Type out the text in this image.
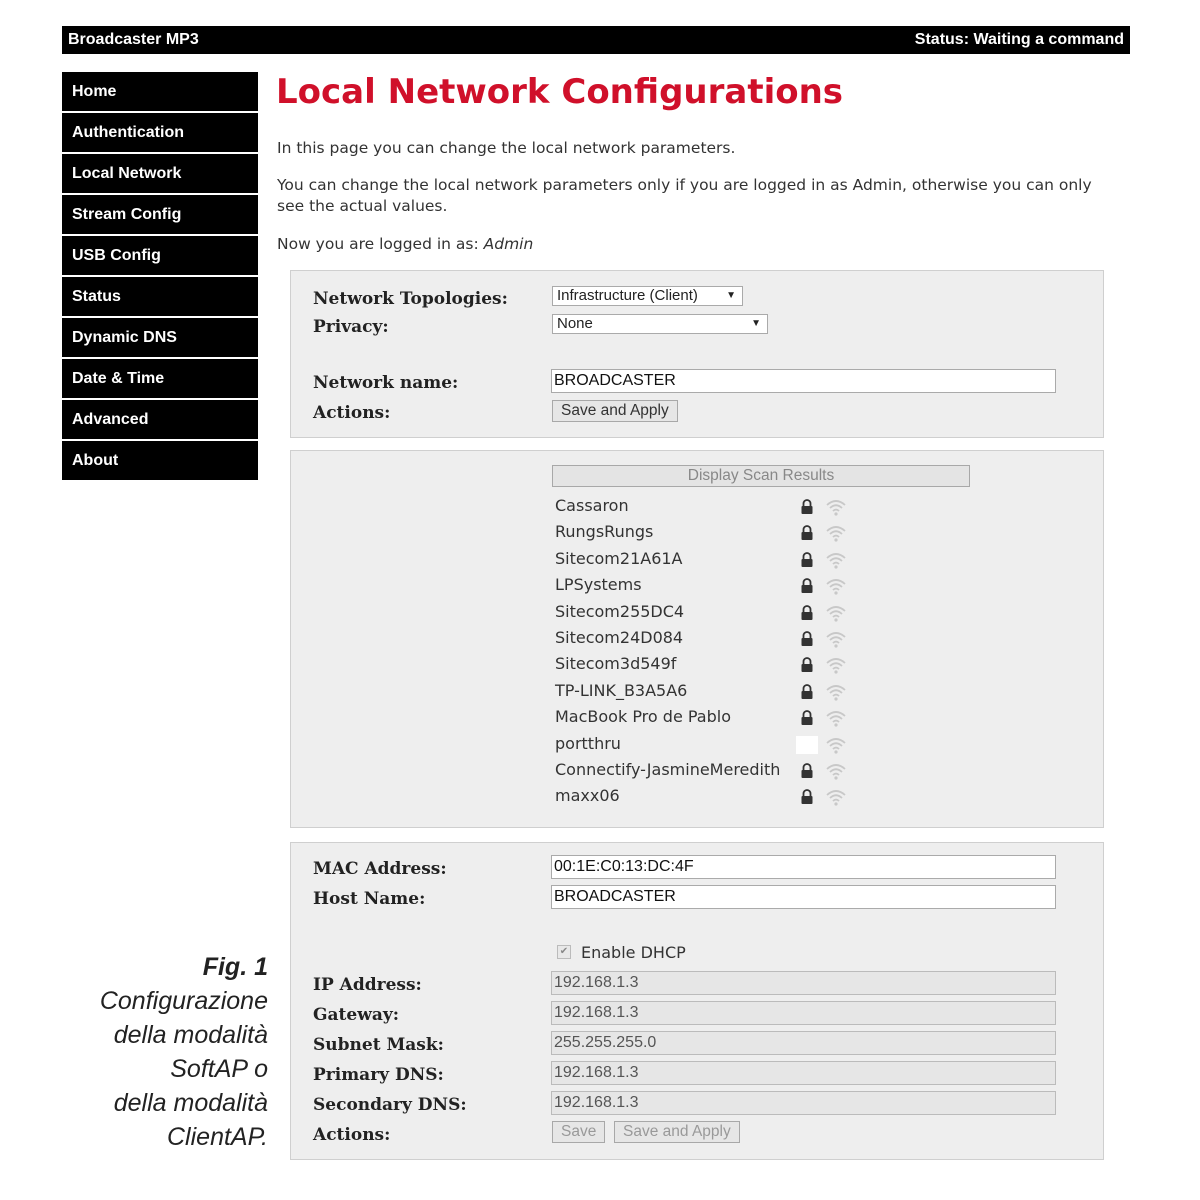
Broadcaster MP3	Status: Waiting a command
Home
Authentication
Local Network
Stream Config
USB Config
Status
Dynamic DNS
Date & Time
Advanced
About
Local Network Configurations

In this page you can change the local network parameters.

You can change the local network parameters only if you are logged in as Admin, otherwise you can only see the actual values.

Now you are logged in as: Admin

Network Topologies:	Infrastructure (Client)	▼
Privacy:	None	▼
Network name:
BROADCASTER
Actions:	Save and Apply
Display Scan Results
Cassaron
RungsRungs
Sitecom21A61A
LPSystems
Sitecom255DC4
Sitecom24D084
Sitecom3d549f
TP-LINK_B3A5A6
MacBook Pro de Pablo
portthru
Connectify-JasmineMeredith
maxx06
MAC Address:
00:1E:C0:13:DC:4F
Host Name:
BROADCASTER
✔ Enable DHCP
IP Address:
192.168.1.3
Gateway:
192.168.1.3
Subnet Mask:
255.255.255.0
Primary DNS:
192.168.1.3
Secondary DNS:
192.168.1.3
Actions:	Save	Save and Apply
Fig. 1
Configurazione
della modalità
SoftAP o
della modalità
ClientAP.
